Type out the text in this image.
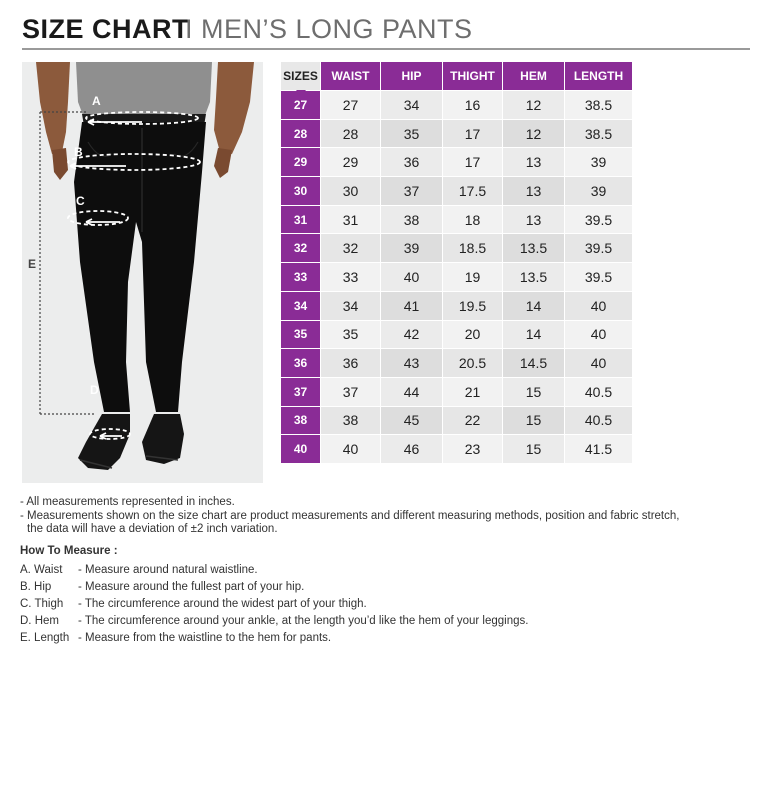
SIZE CHART
I MEN’S LONG PANTS
A
B
C
D
E
SIZES	WAIST	HIP	THIGHT	HEM	LENGTH
27	27	34	16	12	38.5
28	28	35	17	12	38.5
29	29	36	17	13	39
30	30	37	17.5	13	39
31	31	38	18	13	39.5
32	32	39	18.5	13.5	39.5
33	33	40	19	13.5	39.5
34	34	41	19.5	14	40
35	35	42	20	14	40
36	36	43	20.5	14.5	40
37	37	44	21	15	40.5
38	38	45	22	15	40.5
40	40	46	23	15	41.5

- All measurements represented in inches.

- Measurements shown on the size chart are product measurements and different measuring methods, position and fabric stretch,

the data will have a deviation of ±2 inch variation.

How To Measure :
A. Waist	- Measure around natural waistline.
B. Hip	- Measure around the fullest part of your hip.
C. Thigh	- The circumference around the widest part of your thigh.
D. Hem	- The circumference around your ankle, at the length you’d like the hem of your leggings.
E. Length - Measure from the waistline to the hem for pants.
